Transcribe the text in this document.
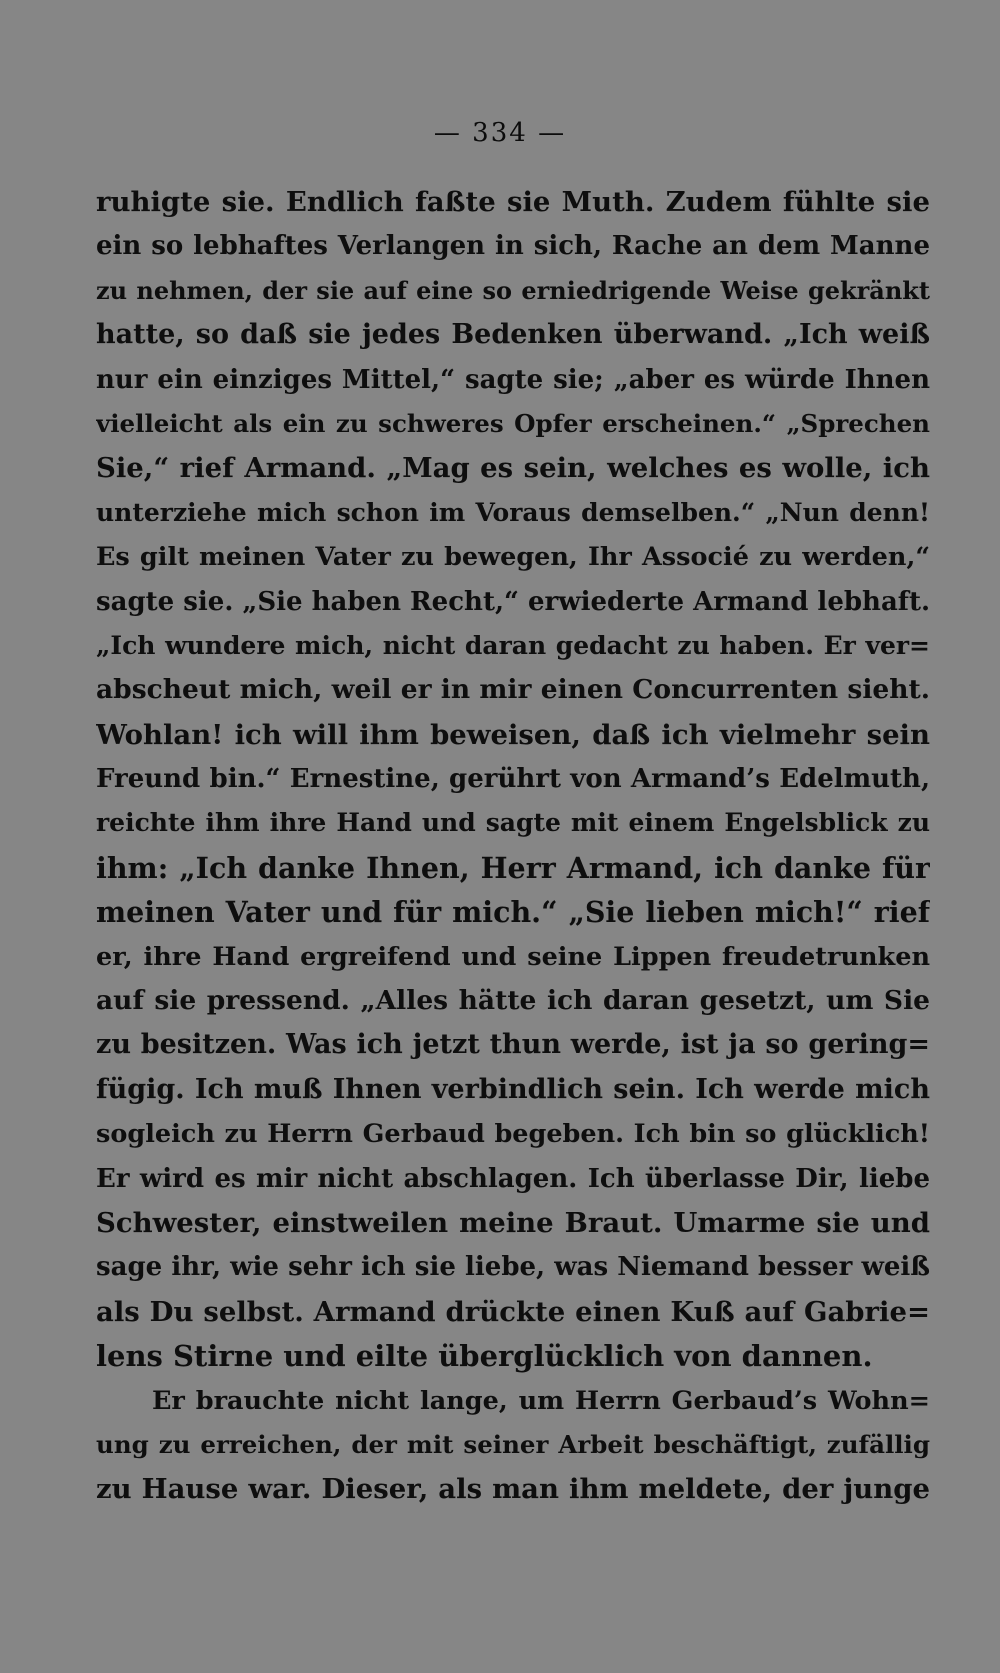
— 334 —
ruhigte sie. Endlich faßte sie Muth. Zudem fühlte sie
ein so lebhaftes Verlangen in sich, Rache an dem Manne
zu nehmen, der sie auf eine so erniedrigende Weise gekränkt
hatte, so daß sie jedes Bedenken überwand. „Ich weiß
nur ein einziges Mittel,“ sagte sie; „aber es würde Ihnen
vielleicht als ein zu schweres Opfer erscheinen.“ „Sprechen
Sie,“ rief Armand. „Mag es sein, welches es wolle, ich
unterziehe mich schon im Voraus demselben.“ „Nun denn!
Es gilt meinen Vater zu bewegen, Ihr Associé zu werden,“
sagte sie. „Sie haben Recht,“ erwiederte Armand lebhaft.
„Ich wundere mich, nicht daran gedacht zu haben. Er ver=
abscheut mich, weil er in mir einen Concurrenten sieht.
Wohlan! ich will ihm beweisen, daß ich vielmehr sein
Freund bin.“ Ernestine, gerührt von Armand’s Edelmuth,
reichte ihm ihre Hand und sagte mit einem Engelsblick zu
ihm: „Ich danke Ihnen, Herr Armand, ich danke für
meinen Vater und für mich.“ „Sie lieben mich!“ rief
er, ihre Hand ergreifend und seine Lippen freudetrunken
auf sie pressend. „Alles hätte ich daran gesetzt, um Sie
zu besitzen. Was ich jetzt thun werde, ist ja so gering=
fügig. Ich muß Ihnen verbindlich sein. Ich werde mich
sogleich zu Herrn Gerbaud begeben. Ich bin so glücklich!
Er wird es mir nicht abschlagen. Ich überlasse Dir, liebe
Schwester, einstweilen meine Braut. Umarme sie und
sage ihr, wie sehr ich sie liebe, was Niemand besser weiß
als Du selbst. Armand drückte einen Kuß auf Gabrie=
lens Stirne und eilte überglücklich von dannen.
Er brauchte nicht lange, um Herrn Gerbaud’s Wohn=
ung zu erreichen, der mit seiner Arbeit beschäftigt, zufällig
zu Hause war. Dieser, als man ihm meldete, der junge
